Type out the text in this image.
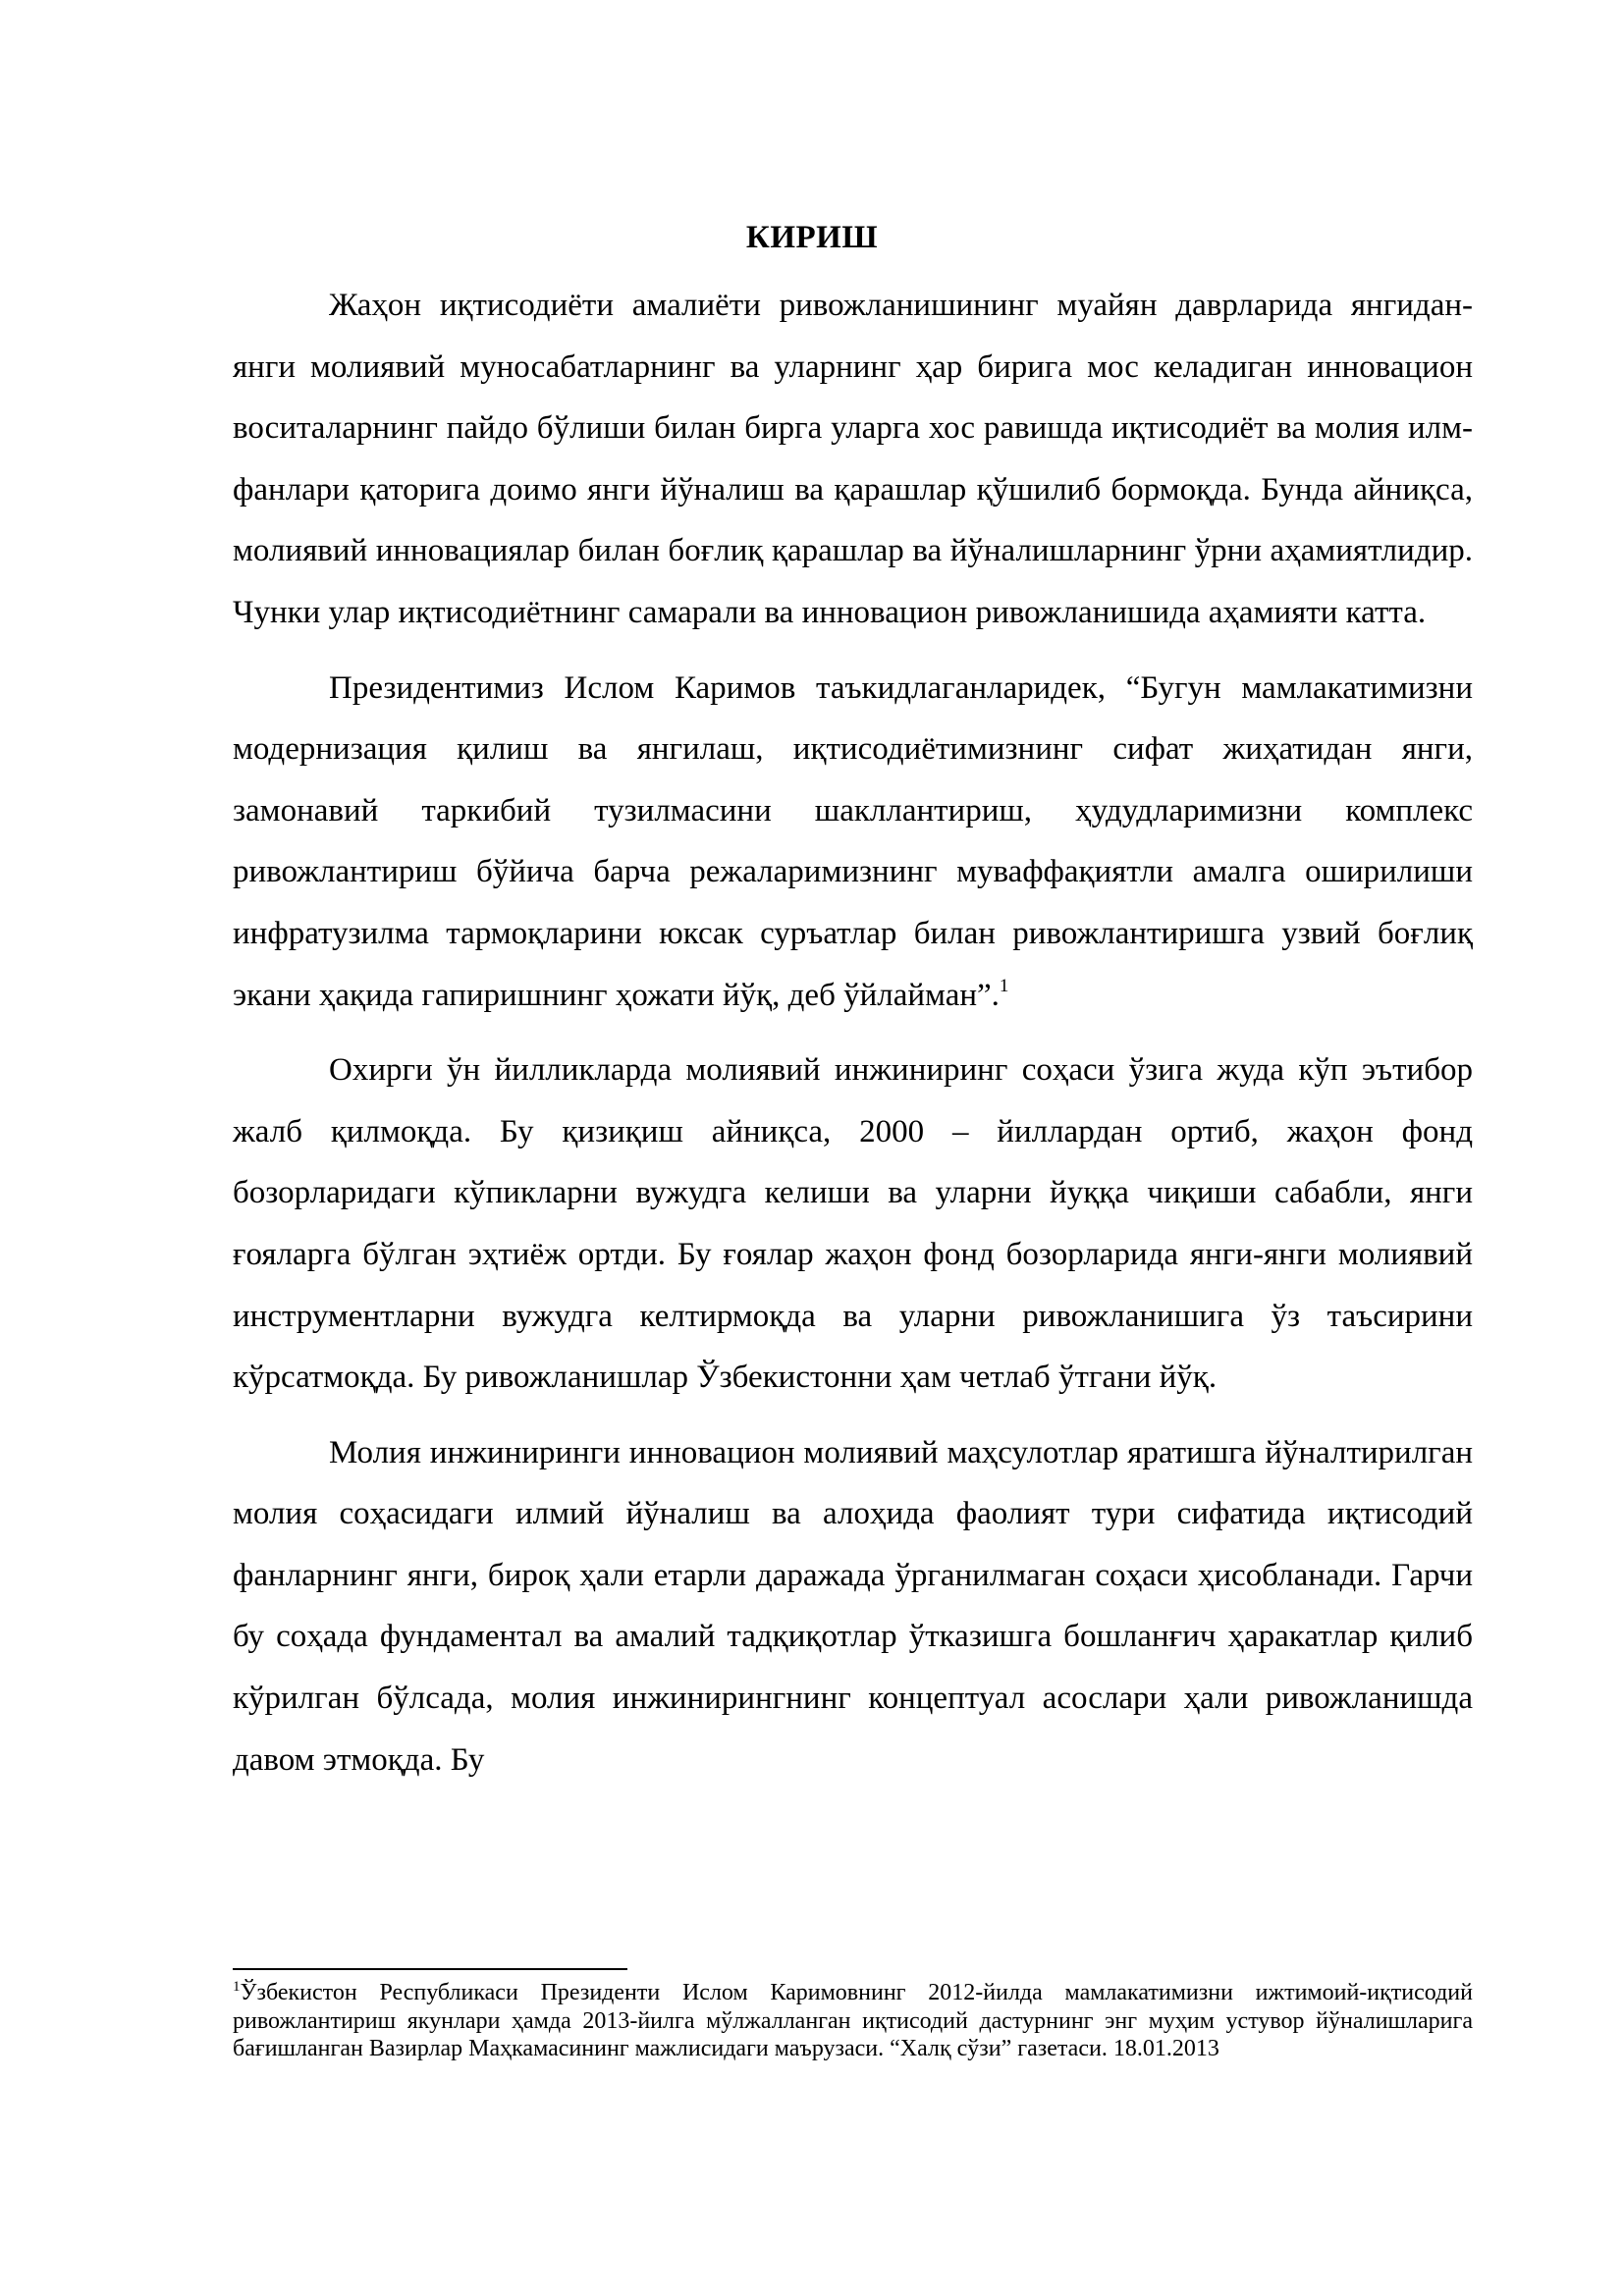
КИРИШ

Жаҳон иқтисодиёти амалиёти ривожланишининг муайян даврларида янгидан-янги молиявий муносабатларнинг ва уларнинг ҳар бирига мос келадиган инновацион воситаларнинг пайдо бўлиши билан бирга уларга хос равишда иқтисодиёт ва молия илм-фанлари қаторига доимо янги йўналиш ва қарашлар қўшилиб бормоқда. Бунда айниқса, молиявий инновациялар билан боғлиқ қарашлар ва йўналишларнинг ўрни аҳамиятлидир. Чунки улар иқтисодиётнинг самарали ва инновацион ривожланишида аҳамияти катта.

Президентимиз Ислом Каримов таъкидлаганларидек, “Бугун мамлакатимизни модернизация қилиш ва янгилаш, иқтисодиётимизнинг сифат жиҳатидан янги, замонавий таркибий тузилмасини шакллантириш, ҳудудларимизни комплекс ривожлантириш бўйича барча режаларимизнинг муваффақиятли амалга оширилиши инфратузилма тармоқларини юксак суръатлар билан ривожлантиришга узвий боғлиқ экани ҳақида гапиришнинг ҳожати йўқ, деб ўйлайман”.$^1$

Охирги ўн йилликларда молиявий инжиниринг соҳаси ўзига жуда кўп эътибор жалб қилмоқда. Бу қизиқиш айниқса, 2000 – йиллардан ортиб, жаҳон фонд бозорларидаги кўпикларни вужудга келиши ва уларни йуққа чиқиши сабабли, янги ғояларга бўлган эҳтиёж ортди. Бу ғоялар жаҳон фонд бозорларида янги-янги молиявий инструментларни вужудга келтирмоқда ва уларни ривожланишига ўз таъсирини кўрсатмоқда. Бу ривожланишлар Ўзбекистонни ҳам четлаб ўтгани йўқ.

Молия инжиниринги инновацион молиявий маҳсулотлар яратишга йўналтирилган молия соҳасидаги илмий йўналиш ва алоҳида фаолият тури сифатида иқтисодий фанларнинг янги, бироқ ҳали етарли даражада ўрганилмаган соҳаси ҳисобланади. Гарчи бу соҳада фундаментал ва амалий тадқиқотлар ўтказишга бошланғич ҳаракатлар қилиб кўрилган бўлсада, молия инжинирингнинг концептуал асослари ҳали ривожланишда давом этмоқда. Бу

$^1$Ўзбекистон Республикаси Президенти Ислом Каримовнинг 2012-йилда мамлакатимизни ижтимоий-иқтисодий ривожлантириш якунлари ҳамда 2013-йилга мўлжалланган иқтисодий дастурнинг энг муҳим устувор йўналишларига бағишланган Вазирлар Маҳкамасининг мажлисидаги маърузаси. “Халқ сўзи” газетаси. 18.01.2013
